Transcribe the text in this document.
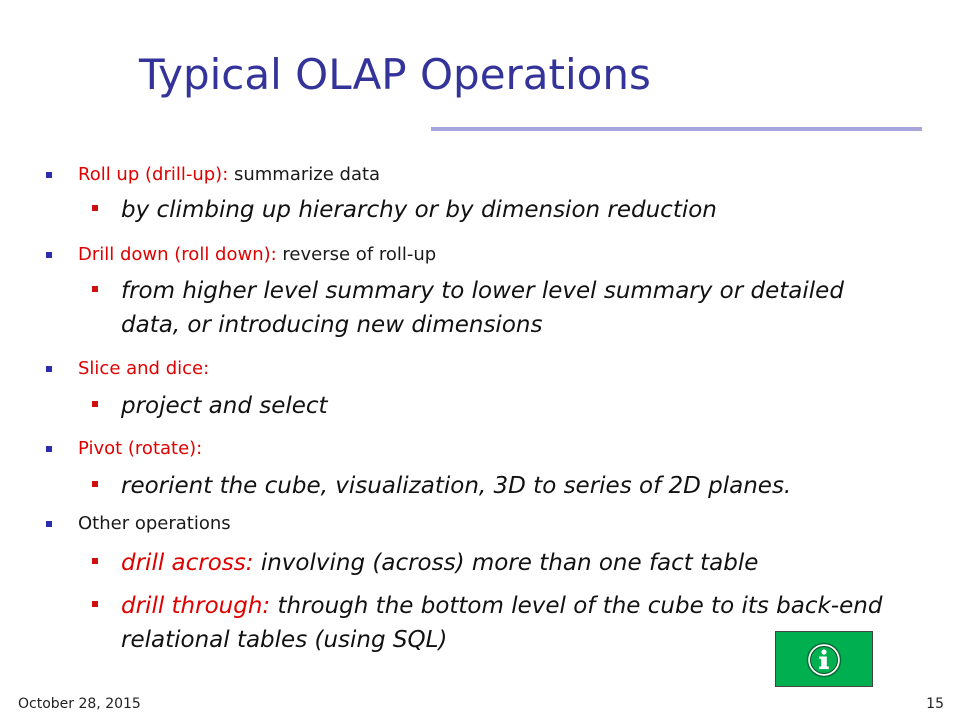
Typical OLAP Operations
Roll up (drill-up): summarize data
by climbing up hierarchy or by dimension reduction
Drill down (roll down): reverse of roll-up
from higher level summary to lower level summary or detailed
data, or introducing new dimensions
Slice and dice:
project and select
Pivot (rotate):
reorient the cube, visualization, 3D to series of 2D planes.
Other operations
drill across: involving (across) more than one fact table
drill through: through the bottom level of the cube to its back-end
relational tables (using SQL)
October 28, 2015	15
